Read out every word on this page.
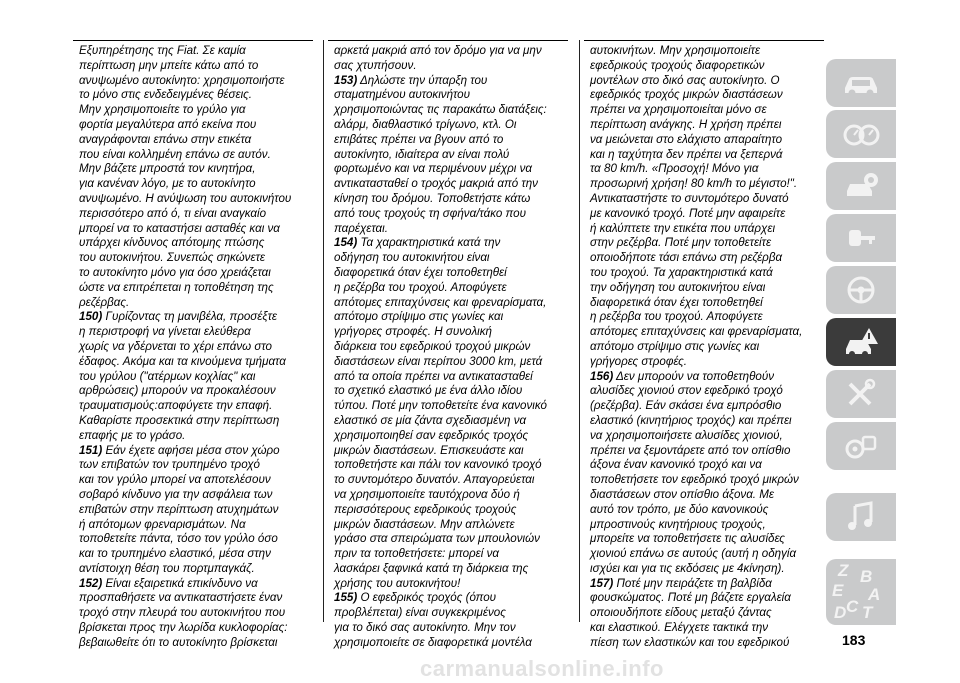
Εξυπηρέτησης της Fiat. Σε καμία
περίπτωση μην μπείτε κάτω από το
ανυψωμένο αυτοκίνητο: χρησιμοποιήστε
το μόνο στις ενδεδειγμένες θέσεις.
Μην χρησιμοποιείτε το γρύλο για
φορτία μεγαλύτερα από εκείνα που
αναγράφονται επάνω στην ετικέτα
που είναι κολλημένη επάνω σε αυτόν.
Μην βάζετε μπροστά τον κινητήρα,
για κανέναν λόγο, με το αυτοκίνητο
ανυψωμένο. Η ανύψωση του αυτοκινήτου
περισσότερο από ό, τι είναι αναγκαίο
μπορεί να το καταστήσει ασταθές και να
υπάρχει κίνδυνος απότομης πτώσης
του αυτοκινήτου. Συνεπώς σηκώνετε
το αυτοκίνητο μόνο για όσο χρειάζεται
ώστε να επιτρέπεται η τοποθέτηση της
ρεζέρβας.
150) Γυρίζοντας τη μανιβέλα, προσέξτε
η περιστροφή να γίνεται ελεύθερα
χωρίς να γδέρνεται το χέρι επάνω στο
έδαφος. Ακόμα και τα κινούμενα τμήματα
του γρύλου ("ατέρμων κοχλίας" και
αρθρώσεις) μπορούν να προκαλέσουν
τραυματισμούς:αποφύγετε την επαφή.
Καθαρίστε προσεκτικά στην περίπτωση
επαφής με το γράσο.
151) Εάν έχετε αφήσει μέσα στον χώρο
των επιβατών τον τρυπημένο τροχό
και τον γρύλο μπορεί να αποτελέσουν
σοβαρό κίνδυνο για την ασφάλεια των
επιβατών στην περίπτωση ατυχημάτων
ή απότομων φρεναρισμάτων. Να
τοποθετείτε πάντα, τόσο τον γρύλο όσο
και το τρυπημένο ελαστικό, μέσα στην
αντίστοιχη θέση του πορτμπαγκάζ.
152) Είναι εξαιρετικά επικίνδυνο να
προσπαθήσετε να αντικαταστήσετε έναν
τροχό στην πλευρά του αυτοκινήτου που
βρίσκεται προς την λωρίδα κυκλοφορίας:
βεβαιωθείτε ότι το αυτοκίνητο βρίσκεται
αρκετά μακριά από τον δρόμο για να μην
σας χτυπήσουν.
153) Δηλώστε την ύπαρξη του
σταματημένου αυτοκινήτου
χρησιμοποιώντας τις παρακάτω διατάξεις:
αλάρμ, διαθλαστικό τρίγωνο, κτλ. Οι
επιβάτες πρέπει να βγουν από το
αυτοκίνητο, ιδιαίτερα αν είναι πολύ
φορτωμένο και να περιμένουν μέχρι να
αντικατασταθεί ο τροχός μακριά από την
κίνηση του δρόμου. Τοποθετήστε κάτω
από τους τροχούς τη σφήνα/τάκο που
παρέχεται.
154) Τα χαρακτηριστικά κατά την
οδήγηση του αυτοκινήτου είναι
διαφορετικά όταν έχει τοποθετηθεί
η ρεζέρβα του τροχού. Αποφύγετε
απότομες επιταχύνσεις και φρεναρίσματα,
απότομο στρίψιμο στις γωνίες και
γρήγορες στροφές. Η συνολική
διάρκεια του εφεδρικού τροχού μικρών
διαστάσεων είναι περίπου 3000 km, μετά
από τα οποία πρέπει να αντικατασταθεί
το σχετικό ελαστικό με ένα άλλο ιδίου
τύπου. Ποτέ μην τοποθετείτε ένα κανονικό
ελαστικό σε μία ζάντα σχεδιασμένη να
χρησιμοποιηθεί σαν εφεδρικός τροχός
μικρών διαστάσεων. Επισκευάστε και
τοποθετήστε και πάλι τον κανονικό τροχό
το συντομότερο δυνατόν. Απαγορεύεται
να χρησιμοποιείτε ταυτόχρονα δύο ή
περισσότερους εφεδρικούς τροχούς
μικρών διαστάσεων. Μην απλώνετε
γράσο στα σπειρώματα των μπουλονιών
πριν τα τοποθετήσετε: μπορεί να
λασκάρει ξαφνικά κατά τη διάρκεια της
χρήσης του αυτοκινήτου!
155) Ο εφεδρικός τροχός (όπου
προβλέπεται) είναι συγκεκριμένος
για το δικό σας αυτοκίνητο. Μην τον
χρησιμοποιείτε σε διαφορετικά μοντέλα
αυτοκινήτων. Μην χρησιμοποιείτε
εφεδρικούς τροχούς διαφορετικών
μοντέλων στο δικό σας αυτοκίνητο. Ο
εφεδρικός τροχός μικρών διαστάσεων
πρέπει να χρησιμοποιείται μόνο σε
περίπτωση ανάγκης. Η χρήση πρέπει
να μειώνεται στο ελάχιστο απαραίτητο
και η ταχύτητα δεν πρέπει να ξεπερνά
τα 80 km/h. «Προσοχή! Μόνο για
προσωρινή χρήση! 80 km/h το μέγιστο!".
Αντικαταστήστε το συντομότερο δυνατό
με κανονικό τροχό. Ποτέ μην αφαιρείτε
ή καλύπτετε την ετικέτα που υπάρχει
στην ρεζέρβα. Ποτέ μην τοποθετείτε
οποιοδήποτε τάσι επάνω στη ρεζέρβα
του τροχού. Τα χαρακτηριστικά κατά
την οδήγηση του αυτοκινήτου είναι
διαφορετικά όταν έχει τοποθετηθεί
η ρεζέρβα του τροχού. Αποφύγετε
απότομες επιταχύνσεις και φρεναρίσματα,
απότομο στρίψιμο στις γωνίες και
γρήγορες στροφές.
156) Δεν μπορούν να τοποθετηθούν
αλυσίδες χιονιού στον εφεδρικό τροχό
(ρεζέρβα). Εάν σκάσει ένα εμπρόσθιο
ελαστικό (κινητήριος τροχός) και πρέπει
να χρησιμοποιήσετε αλυσίδες χιονιού,
πρέπει να ξεμοντάρετε από τον οπίσθιο
άξονα έναν κανονικό τροχό και να
τοποθετήσετε τον εφεδρικό τροχό μικρών
διαστάσεων στον οπίσθιο άξονα. Με
αυτό τον τρόπο, με δύο κανονικούς
μπροστινούς κινητήριους τροχούς,
μπορείτε να τοποθετήσετε τις αλυσίδες
χιονιού επάνω σε αυτούς (αυτή η οδηγία
ισχύει και για τις εκδόσεις με 4κίνηση).
157) Ποτέ μην πειράζετε τη βαλβίδα
φουσκώματος. Ποτέ μη βάζετε εργαλεία
οποιουδήποτε είδους μεταξύ ζάντας
και ελαστικού. Ελέγχετε τακτικά την
πίεση των ελαστικών και του εφεδρικού
Z B
E A
C T
D
183
carmanualsonline.info
